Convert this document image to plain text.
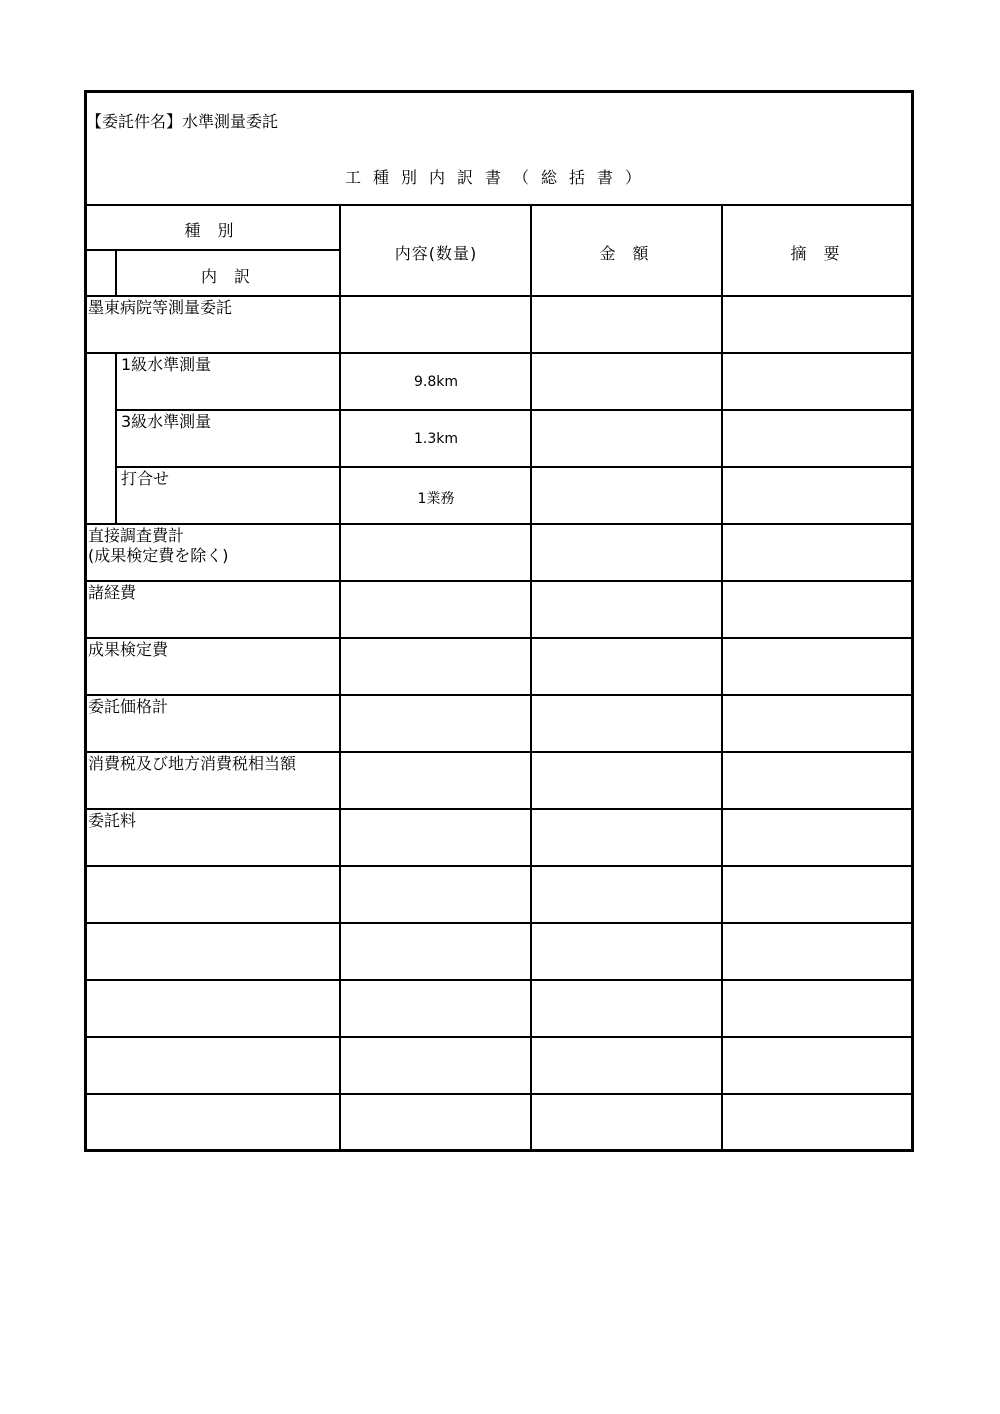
【委託件名】水準測量委託
工種別内訳書（総括書）
種 別
内 訳
内容(数量)	金 額	摘 要
墨東病院等測量委託
1級水準測量
3級水準測量
打合せ
直接調査費計
(成果検定費を除く)
諸経費
成果検定費
委託価格計
消費税及び地方消費税相当額
委託料
9.8km
1.3km
1業務
